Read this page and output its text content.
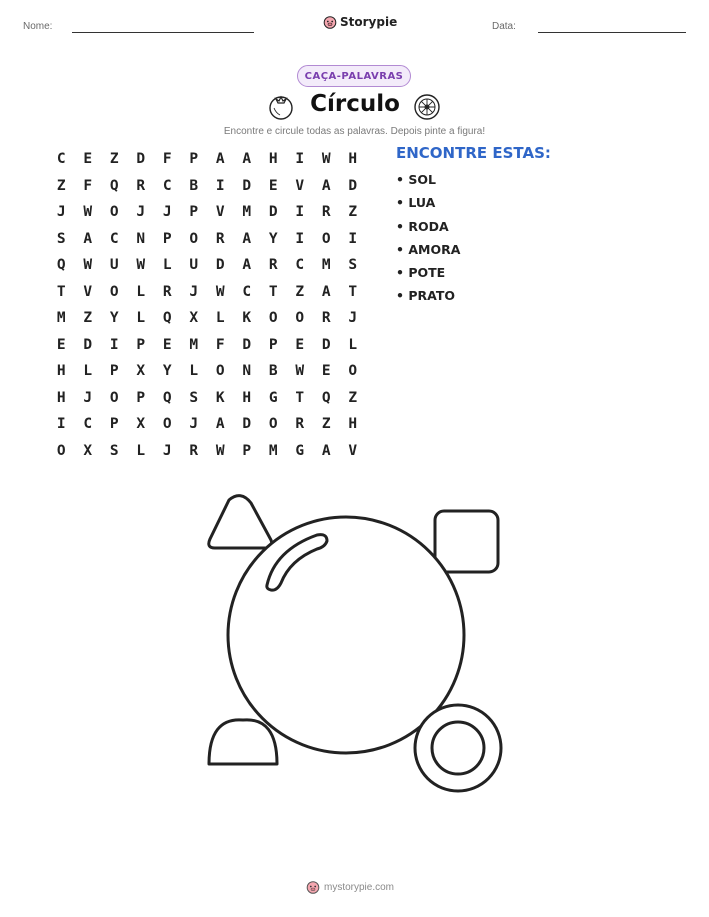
Nome:	Storypie	Data:
CAÇA-PALAVRAS
Círculo
Encontre e circule todas as palavras. Depois pinte a figura!
C	E	Z	D	F	P	A	A	H	I	W	H
Z	F	Q	R	C	B	I	D	E	V	A	D
J	W	O	J	J	P	V	M	D	I	R	Z
S	A	C	N	P	O	R	A	Y	I	O	I
Q	W	U	W	L	U	D	A	R	C	M	S
T	V	O	L	R	J	W	C	T	Z	A	T
M	Z	Y	L	Q	X	L	K	O	O	R	J
E	D	I	P	E	M	F	D	P	E	D	L
H	L	P	X	Y	L	O	N	B	W	E	O
H	J	O	P	Q	S	K	H	G	T	Q	Z
I	C	P	X	O	J	A	D	O	R	Z	H
O	X	S	L	J	R	W	P	M	G	A	V
ENCONTRE ESTAS:
• SOL
• LUA
• RODA
• AMORA
• POTE
• PRATO
mystorypie.com
